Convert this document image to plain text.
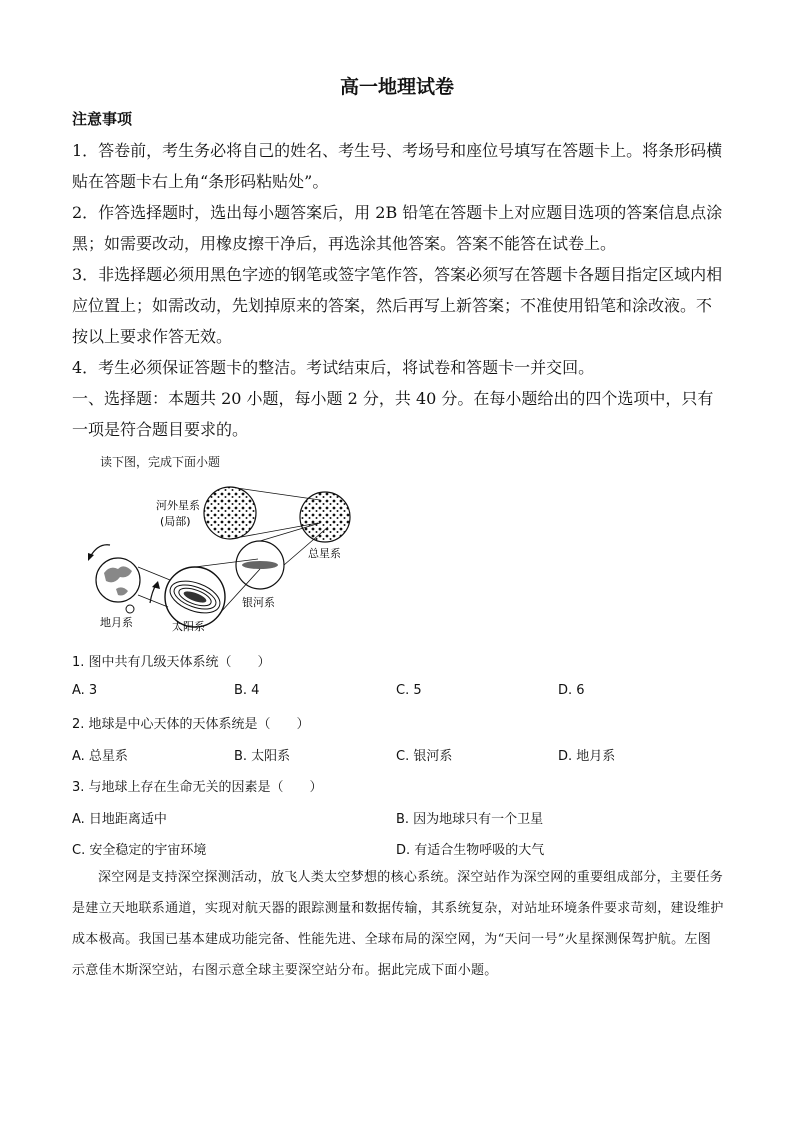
高一地理试卷
注意事项
1．答卷前，考生务必将自己的姓名、考生号、考场号和座位号填写在答题卡上。将条形码横贴在答题卡右上角“条形码粘贴处”。
2．作答选择题时，选出每小题答案后，用 2B 铅笔在答题卡上对应题目选项的答案信息点涂黑；如需要改动，用橡皮擦干净后，再选涂其他答案。答案不能答在试卷上。
3．非选择题必须用黑色字迹的钢笔或签字笔作答，答案必须写在答题卡各题目指定区域内相应位置上；如需改动，先划掉原来的答案，然后再写上新答案；不准使用铅笔和涂改液。不按以上要求作答无效。
4．考生必须保证答题卡的整洁。考试结束后，将试卷和答题卡一并交回。
一、选择题：本题共 20 小题，每小题 2 分，共 40 分。在每小题给出的四个选项中，只有一项是符合题目要求的。
读下图，完成下面小题
河外星系
(局部)
总星系
银河系
太阳系
地月系
1. 图中共有几级天体系统（　　）
A. 3	B. 4	C. 5	D. 6
2. 地球是中心天体的天体系统是（　　）
A. 总星系	B. 太阳系	C. 银河系	D. 地月系
3. 与地球上存在生命无关的因素是（　　）
A. 日地距离适中	B. 因为地球只有一个卫星
C. 安全稳定的宇宙环境	D. 有适合生物呼吸的大气
深空网是支持深空探测活动，放飞人类太空梦想的核心系统。深空站作为深空网的重要组成部分，主要任务是建立天地联系通道，实现对航天器的跟踪测量和数据传输，其系统复杂，对站址环境条件要求苛刻，建设维护成本极高。我国已基本建成功能完备、性能先进、全球布局的深空网，为“天问一号”火星探测保驾护航。左图示意佳木斯深空站，右图示意全球主要深空站分布。据此完成下面小题。
